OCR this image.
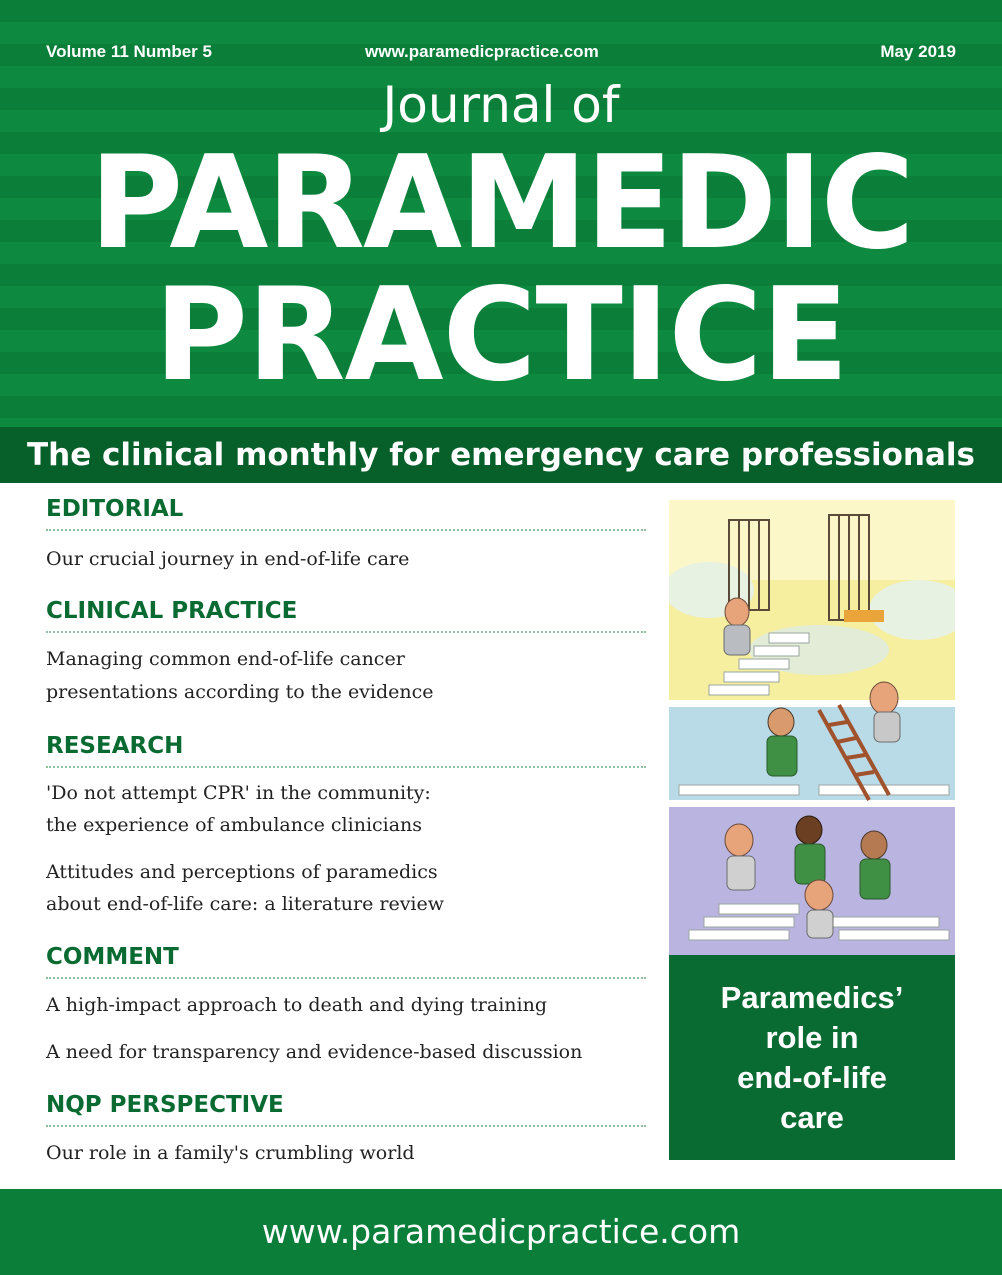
Volume 11 Number 5	www.paramedicpractice.com	May 2019
Journal of
PARAMEDIC
PRACTICE
The clinical monthly for emergency care professionals
EDITORIAL
Our crucial journey in end-of-life care
CLINICAL PRACTICE
Managing common end-of-life cancer
presentations according to the evidence
RESEARCH
'Do not attempt CPR' in the community:
the experience of ambulance clinicians
Attitudes and perceptions of paramedics
about end-of-life care: a literature review
COMMENT
A high-impact approach to death and dying training
A need for transparency and evidence-based discussion
NQP PERSPECTIVE
Our role in a family's crumbling world
Paramedics’
role in
end-of-life
care
www.paramedicpractice.com
